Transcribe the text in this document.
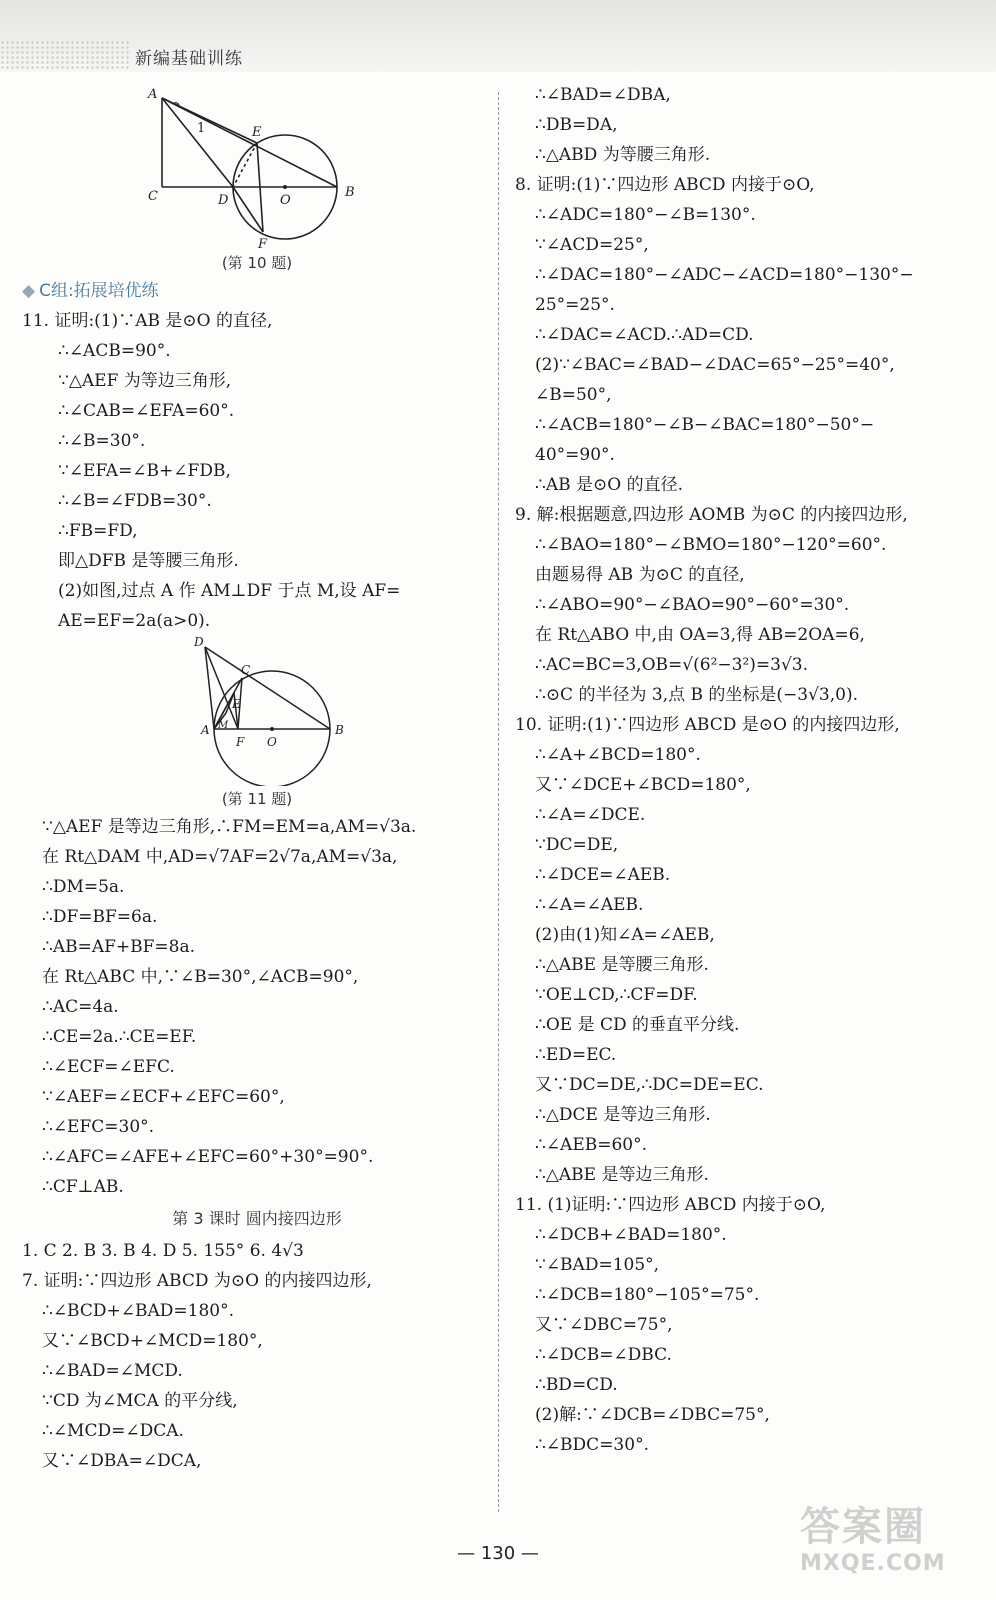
新编基础训练
A
1	E
C	D	O
B
F
(第 10 题)
◆ C组:拓展培优练
11. 证明:(1)∵AB 是⊙O 的直径,
∴∠ACB=90°.
∵△AEF 为等边三角形,
∴∠CAB=∠EFA=60°.
∴∠B=30°.
∵∠EFA=∠B+∠FDB,
∴∠B=∠FDB=30°.
∴FB=FD,
即△DFB 是等腰三角形.
(2)如图,过点 A 作 AM⊥DF 于点 M,设 AF=
AE=EF=2a(a>0).
D
C
E
A M
F O
B
(第 11 题)
∵△AEF 是等边三角形,∴FM=EM=a,AM=√3a.
在 Rt△DAM 中,AD=√7AF=2√7a,AM=√3a,
∴DM=5a.
∴DF=BF=6a.
∴AB=AF+BF=8a.
在 Rt△ABC 中,∵∠B=30°,∠ACB=90°,
∴AC=4a.
∴CE=2a.∴CE=EF.
∴∠ECF=∠EFC.
∵∠AEF=∠ECF+∠EFC=60°,
∴∠EFC=30°.
∴∠AFC=∠AFE+∠EFC=60°+30°=90°.
∴CF⊥AB.
第 3 课时 圆内接四边形
1. C 2. B 3. B 4. D 5. 155° 6. 4√3
7. 证明:∵四边形 ABCD 为⊙O 的内接四边形,
∴∠BCD+∠BAD=180°.
又∵∠BCD+∠MCD=180°,
∴∠BAD=∠MCD.
∵CD 为∠MCA 的平分线,
∴∠MCD=∠DCA.
又∵∠DBA=∠DCA,
∴∠BAD=∠DBA,
∴DB=DA,
∴△ABD 为等腰三角形.
8. 证明:(1)∵四边形 ABCD 内接于⊙O,
∴∠ADC=180°−∠B=130°.
∵∠ACD=25°,
∴∠DAC=180°−∠ADC−∠ACD=180°−130°−
25°=25°.
∴∠DAC=∠ACD.∴AD=CD.
(2)∵∠BAC=∠BAD−∠DAC=65°−25°=40°,
∠B=50°,
∴∠ACB=180°−∠B−∠BAC=180°−50°−
40°=90°.
∴AB 是⊙O 的直径.
9. 解:根据题意,四边形 AOMB 为⊙C 的内接四边形,
∴∠BAO=180°−∠BMO=180°−120°=60°.
由题易得 AB 为⊙C 的直径,
∴∠ABO=90°−∠BAO=90°−60°=30°.
在 Rt△ABO 中,由 OA=3,得 AB=2OA=6,
∴AC=BC=3,OB=√(6²−3²)=3√3.
∴⊙C 的半径为 3,点 B 的坐标是(−3√3,0).
10. 证明:(1)∵四边形 ABCD 是⊙O 的内接四边形,
∴∠A+∠BCD=180°.
又∵∠DCE+∠BCD=180°,
∴∠A=∠DCE.
∵DC=DE,
∴∠DCE=∠AEB.
∴∠A=∠AEB.
(2)由(1)知∠A=∠AEB,
∴△ABE 是等腰三角形.
∵OE⊥CD,∴CF=DF.
∴OE 是 CD 的垂直平分线.
∴ED=EC.
又∵DC=DE,∴DC=DE=EC.
∴△DCE 是等边三角形.
∴∠AEB=60°.
∴△ABE 是等边三角形.
11. (1)证明:∵四边形 ABCD 内接于⊙O,
∴∠DCB+∠BAD=180°.
∵∠BAD=105°,
∴∠DCB=180°−105°=75°.
又∵∠DBC=75°,
∴∠DCB=∠DBC.
∴BD=CD.
(2)解:∵∠DCB=∠DBC=75°,
∴∠BDC=30°.
— 130 —
答案圈
MXQE.COM
